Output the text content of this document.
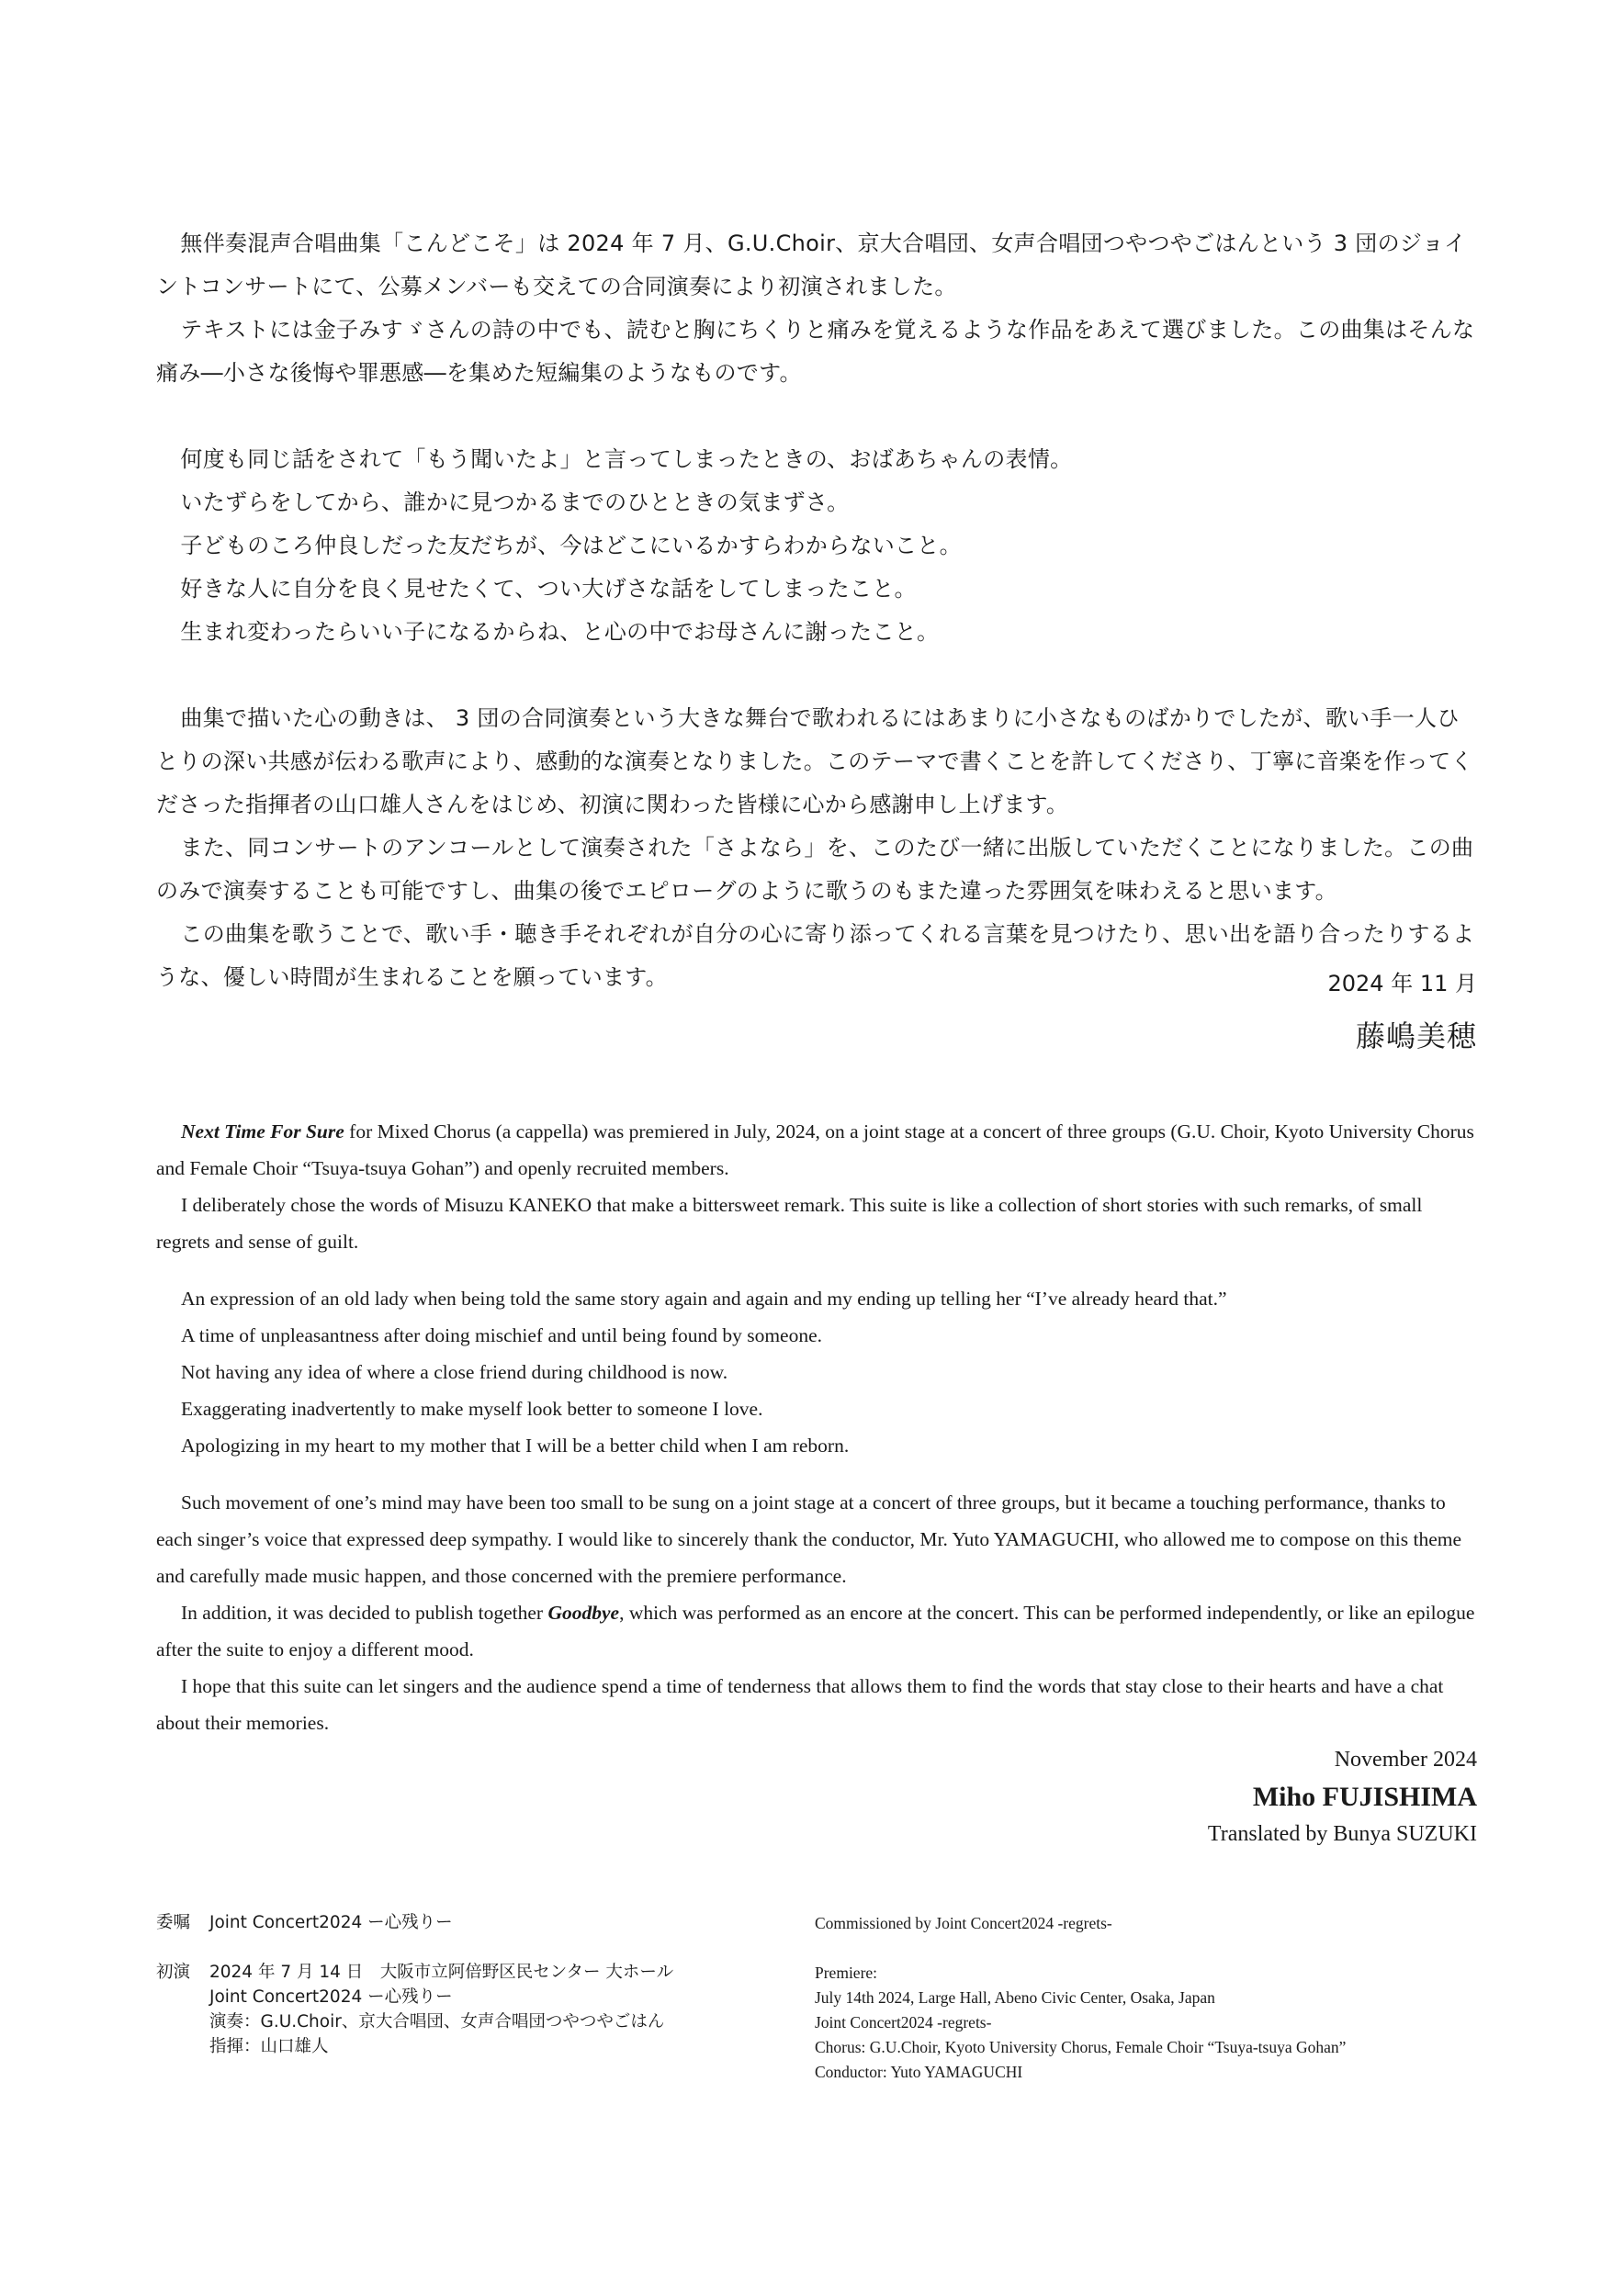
無伴奏混声合唱曲集「こんどこそ」は 2024 年 7 月、G.U.Choir、京大合唱団、女声合唱団つやつやごはんという 3 団のジョイントコンサートにて、公募メンバーも交えての合同演奏により初演されました。

テキストには金子みすゞさんの詩の中でも、読むと胸にちくりと痛みを覚えるような作品をあえて選びました。この曲集はそんな痛み―小さな後悔や罪悪感―を集めた短編集のようなものです。

何度も同じ話をされて「もう聞いたよ」と言ってしまったときの、おばあちゃんの表情。

いたずらをしてから、誰かに見つかるまでのひとときの気まずさ。

子どものころ仲良しだった友だちが、今はどこにいるかすらわからないこと。

好きな人に自分を良く見せたくて、つい大げさな話をしてしまったこと。

生まれ変わったらいい子になるからね、と心の中でお母さんに謝ったこと。

曲集で描いた心の動きは、 3 団の合同演奏という大きな舞台で歌われるにはあまりに小さなものばかりでしたが、歌い手一人ひとりの深い共感が伝わる歌声により、感動的な演奏となりました。このテーマで書くことを許してくださり、丁寧に音楽を作ってくださった指揮者の山口雄人さんをはじめ、初演に関わった皆様に心から感謝申し上げます。

また、同コンサートのアンコールとして演奏された「さよなら」を、このたび一緒に出版していただくことになりました。この曲のみで演奏することも可能ですし、曲集の後でエピローグのように歌うのもまた違った雰囲気を味わえると思います。

この曲集を歌うことで、歌い手・聴き手それぞれが自分の心に寄り添ってくれる言葉を見つけたり、思い出を語り合ったりするような、優しい時間が生まれることを願っています。	2024 年 11 月
藤嶋美穂

Next Time For Sure for Mixed Chorus (a cappella) was premiered in July, 2024, on a joint stage at a concert of three groups (G.U. Choir, Kyoto University Chorus and Female Choir “Tsuya-tsuya Gohan”) and openly recruited members.

I deliberately chose the words of Misuzu KANEKO that make a bittersweet remark. This suite is like a collection of short stories with such remarks, of small regrets and sense of guilt.

An expression of an old lady when being told the same story again and again and my ending up telling her “I’ve already heard that.”

A time of unpleasantness after doing mischief and until being found by someone.

Not having any idea of where a close friend during childhood is now.

Exaggerating inadvertently to make myself look better to someone I love.

Apologizing in my heart to my mother that I will be a better child when I am reborn.

Such movement of one’s mind may have been too small to be sung on a joint stage at a concert of three groups, but it became a touching performance, thanks to each singer’s voice that expressed deep sympathy. I would like to sincerely thank the conductor, Mr. Yuto YAMAGUCHI, who allowed me to compose on this theme and carefully made music happen, and those concerned with the premiere performance.

In addition, it was decided to publish together Goodbye, which was performed as an encore at the concert. This can be performed independently, or like an epilogue after the suite to enjoy a different mood.

I hope that this suite can let singers and the audience spend a time of tenderness that allows them to find the words that stay close to their hearts and have a chat about their memories.

November 2024
Miho FUJISHIMA
Translated by Bunya SUZUKI
委嘱	Joint Concert2024 ー心残りー
初演	2024 年 7 月 14 日　大阪市立阿倍野区民センター 大ホール
Joint Concert2024 ー心残りー
演奏：G.U.Choir、京大合唱団、女声合唱団つやつやごはん
指揮：山口雄人
Commissioned by Joint Concert2024 -regrets-
Premiere:
July 14th 2024, Large Hall, Abeno Civic Center, Osaka, Japan
Joint Concert2024 -regrets-
Chorus: G.U.Choir, Kyoto University Chorus, Female Choir “Tsuya-tsuya Gohan”
Conductor: Yuto YAMAGUCHI
